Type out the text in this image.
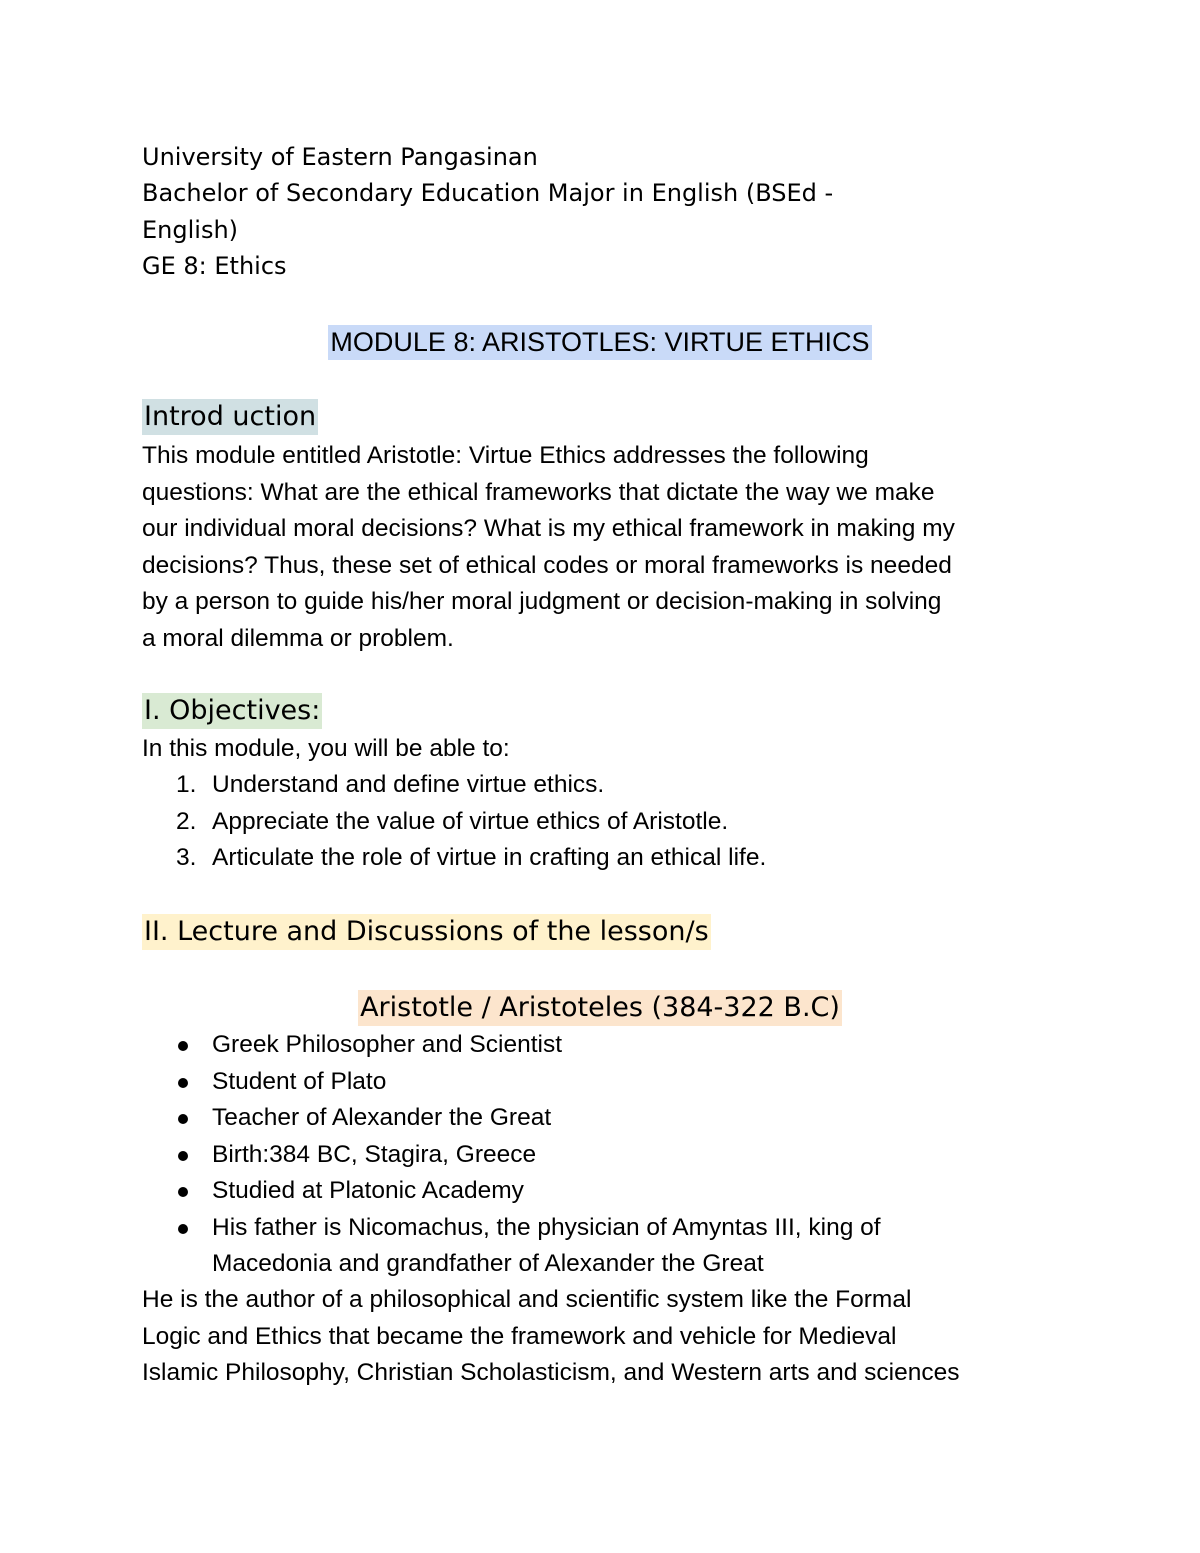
University of Eastern Pangasinan
Bachelor of Secondary Education Major in English (BSEd -
English)
GE 8: Ethics
MODULE 8: ARISTOTLES: VIRTUE ETHICS
Introd uction

This module entitled Aristotle: Virtue Ethics addresses the following

questions: What are the ethical frameworks that dictate the way we make

our individual moral decisions? What is my ethical framework in making my

decisions? Thus, these set of ethical codes or moral frameworks is needed

by a person to guide his/her moral judgment or decision-making in solving

a moral dilemma or problem.

I. Objectives:
In this module, you will be able to:
1. Understand and define virtue ethics.
2. Appreciate the value of virtue ethics of Aristotle.
3. Articulate the role of virtue in crafting an ethical life.
II. Lecture and Discussions of the lesson/s
Aristotle / Aristoteles (384-322 B.C)
Greek Philosopher and Scientist
Student of Plato
Teacher of Alexander the Great
Birth:384 BC, Stagira, Greece
Studied at Platonic Academy
His father is Nicomachus, the physician of Amyntas III, king of
Macedonia and grandfather of Alexander the Great

He is the author of a philosophical and scientific system like the Formal

Logic and Ethics that became the framework and vehicle for Medieval

Islamic Philosophy, Christian Scholasticism, and Western arts and sciences
